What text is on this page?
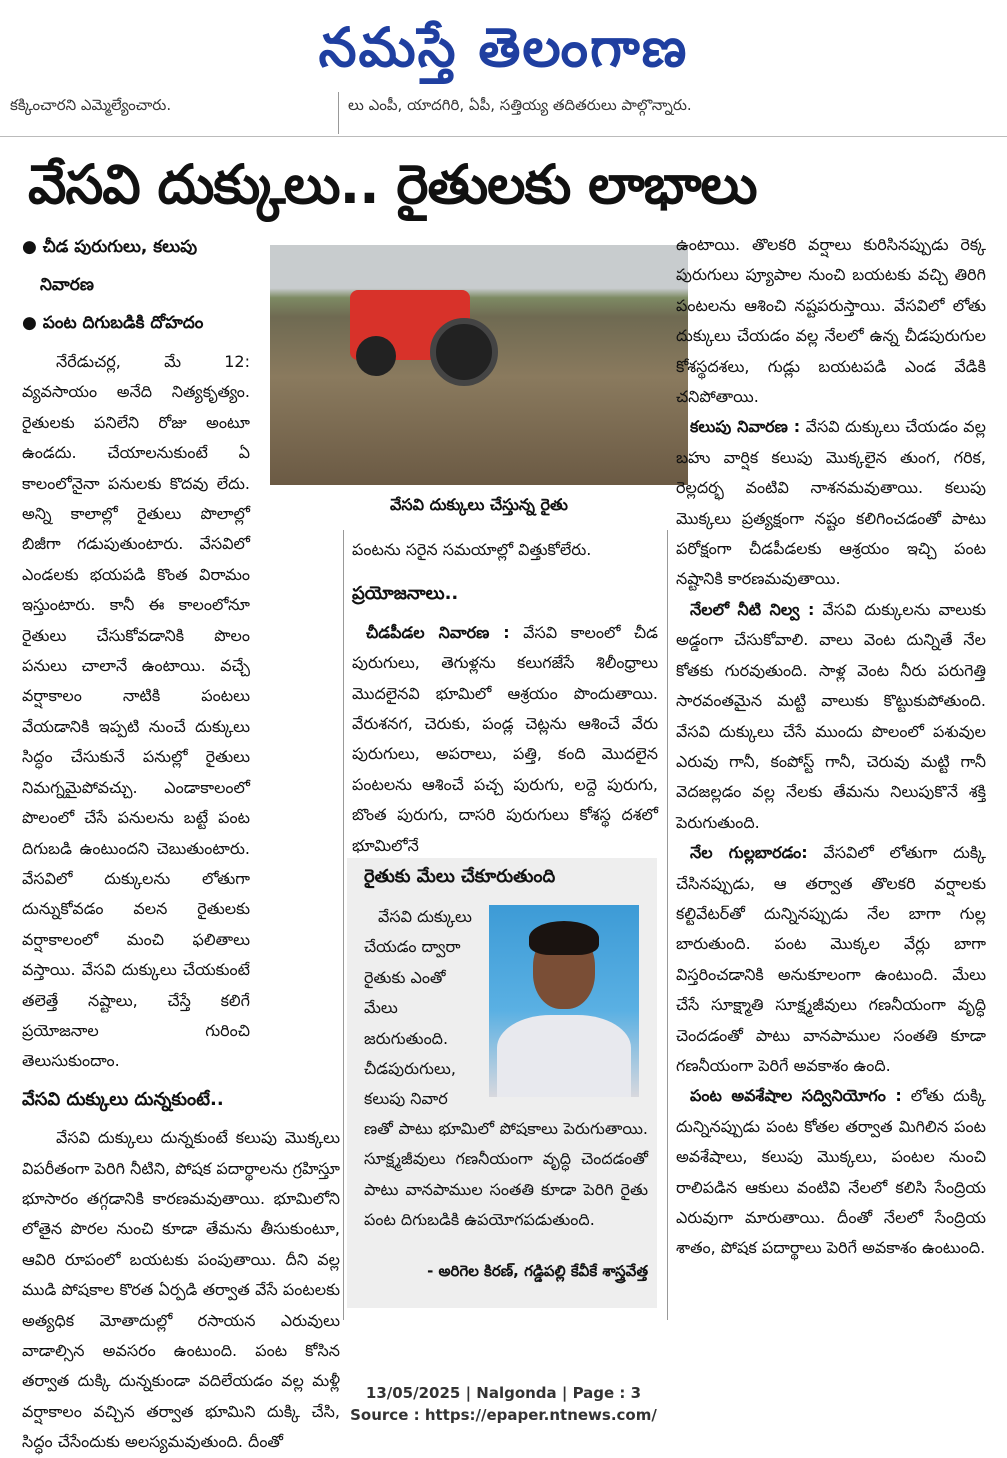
నమస్తే తెలంగాణ
కక్కించారని ఎమ్మెల్యేంచారు.	లు ఎంపీ, యాదగిరి, ఏపీ, సత్తియ్య తదితరులు పాల్గొన్నారు.
వేసవి దుక్కులు.. రైతులకు లాభాలు
● చీడ పురుగులు, కలుపు
నివారణ
● పంట దిగుబడికి దోహదం

నేరేడుచర్ల, మే 12: వ్యవసాయం అనేది నిత్యకృత్యం. రైతులకు పనిలేని రోజు అంటూ ఉండదు. చేయాలనుకుంటే ఏ కాలంలోనైనా పనులకు కొదవు లేదు. అన్ని కాలాల్లో రైతులు పొలాల్లో బిజీగా గడుపుతుంటారు. వేసవిలో ఎండలకు భయపడి కొంత విరామం ఇస్తుంటారు. కానీ ఈ కాలంలోనూ రైతులు చేసుకోవడానికి పొలం పనులు చాలానే ఉంటాయి. వచ్చే వర్షాకాలం నాటికి పంటలు వేయడానికి ఇప్పటి నుంచే దుక్కులు సిద్ధం చేసుకునే పనుల్లో రైతులు నిమగ్నమైపోవచ్చు. ఎండాకాలంలో పొలంలో చేసే పనులను బట్టే పంట దిగుబడి ఉంటుందని చెబుతుంటారు. వేసవిలో దుక్కులను లోతుగా దున్నుకోవడం వలన రైతులకు వర్షాకాలంలో మంచి ఫలితాలు వస్తాయి. వేసవి దుక్కులు చేయకుంటే తలెత్తే నష్టాలు, చేస్తే కలిగే ప్రయోజనాల గురించి తెలుసుకుందాం.

వేసవి దుక్కులు దున్నకుంటే..

వేసవి దుక్కులు దున్నకుంటే కలుపు మొక్కలు విపరీతంగా పెరిగి నీటిని, పోషక పదార్థాలను గ్రహిస్తూ భూసారం తగ్గడానికి కారణమవుతాయి. భూమిలోని లోతైన పొరల నుంచి కూడా తేమను తీసుకుంటూ, ఆవిరి రూపంలో బయటకు పంపుతాయి. దీని వల్ల ముడి పోషకాల కొరత ఏర్పడి తర్వాత వేసే పంటలకు అత్యధిక మోతాదుల్లో రసాయన ఎరువులు వాడాల్సిన అవసరం ఉంటుంది. పంట కోసిన తర్వాత దుక్కి దున్నకుండా వదిలేయడం వల్ల మళ్లీ వర్షాకాలం వచ్చిన తర్వాత భూమిని దుక్కి చేసి, సిద్ధం చేసేందుకు అలస్యమవుతుంది. దీంతో

వేసవి దుక్కులు చేస్తున్న రైతు

పంటను సరైన సమయాల్లో విత్తుకోలేరు.

ప్రయోజనాలు..

చీడపీడల నివారణ : వేసవి కాలంలో చీడ పురుగులు, తెగుళ్లను కలుగజేసే శిలీంధ్రాలు మొదలైనవి భూమిలో ఆశ్రయం పొందుతాయి. వేరుశనగ, చెరుకు, పండ్ల చెట్లను ఆశించే వేరు పురుగులు, అపరాలు, పత్తి, కంది మొదలైన పంటలను ఆశించే పచ్చ పురుగు, లద్దె పురుగు, బొంత పురుగు, దాసరి పురుగులు కోశస్థ దశలో భూమిలోనే

రైతుకు మేలు చేకూరుతుంది

వేసవి దుక్కులు చేయడం ద్వారా రైతుకు ఎంతో మేలు జరుగుతుంది. చీడపురుగులు, కలుపు నివార

ణతో పాటు భూమిలో పోషకాలు పెరుగుతాయి. సూక్ష్మజీవులు గణనీయంగా వృద్ధి చెందడంతో పాటు వానపాముల సంతతి కూడా పెరిగి రైతు పంట దిగుబడికి ఉపయోగపడుతుంది.

- అరిగెల కిరణ్, గడ్డిపల్లి కేవీకే శాస్త్రవేత్త

ఉంటాయి. తొలకరి వర్షాలు కురిసినప్పుడు రెక్క పురుగులు ప్యూపాల నుంచి బయటకు వచ్చి తిరిగి పంటలను ఆశించి నష్టపరుస్తాయి. వేసవిలో లోతు దుక్కులు చేయడం వల్ల నేలలో ఉన్న చీడపురుగుల కోశస్థదశలు, గుడ్లు బయటపడి ఎండ వేడికి చనిపోతాయి.

కలుపు నివారణ : వేసవి దుక్కులు చేయడం వల్ల బహు వార్షిక కలుపు మొక్కలైన తుంగ, గరిక, రెల్లదర్భ వంటివి నాశనమవుతాయి. కలుపు మొక్కలు ప్రత్యక్షంగా నష్టం కలిగించడంతో పాటు పరోక్షంగా చీడపీడలకు ఆశ్రయం ఇచ్చి పంట నష్టానికి కారణమవుతాయి.

నేలలో నీటి నిల్వ : వేసవి దుక్కులను వాలుకు అడ్డంగా చేసుకోవాలి. వాలు వెంట దున్నితే నేల కోతకు గురవుతుంది. సాళ్ల వెంట నీరు పరుగెత్తి సారవంతమైన మట్టి వాలుకు కొట్టుకుపోతుంది. వేసవి దుక్కులు చేసే ముందు పొలంలో పశువుల ఎరువు గానీ, కంపోస్ట్ గానీ, చెరువు మట్టి గానీ వెదజల్లడం వల్ల నేలకు తేమను నిలుపుకొనే శక్తి పెరుగుతుంది.

నేల గుల్లబారడం: వేసవిలో లోతుగా దుక్కి చేసినప్పుడు, ఆ తర్వాత తొలకరి వర్షాలకు కల్టివేటర్‌తో దున్నినప్పుడు నేల బాగా గుల్ల బారుతుంది. పంట మొక్కల వేర్లు బాగా విస్తరించడానికి అనుకూలంగా ఉంటుంది. మేలు చేసే సూక్ష్మాతి సూక్ష్మజీవులు గణనీయంగా వృద్ధి చెందడంతో పాటు వానపాముల సంతతి కూడా గణనీయంగా పెరిగే అవకాశం ఉంది.

పంట అవశేషాల సద్వినియోగం : లోతు దుక్కి దున్నినప్పుడు పంట కోతల తర్వాత మిగిలిన పంట అవశేషాలు, కలుపు మొక్కలు, పంటల నుంచి రాలిపడిన ఆకులు వంటివి నేలలో కలిసి సేంద్రియ ఎరువుగా మారుతాయి. దీంతో నేలలో సేంద్రియ శాతం, పోషక పదార్థాలు పెరిగే అవకాశం ఉంటుంది.

13/05/2025 | Nalgonda | Page : 3
Source : https://epaper.ntnews.com/
